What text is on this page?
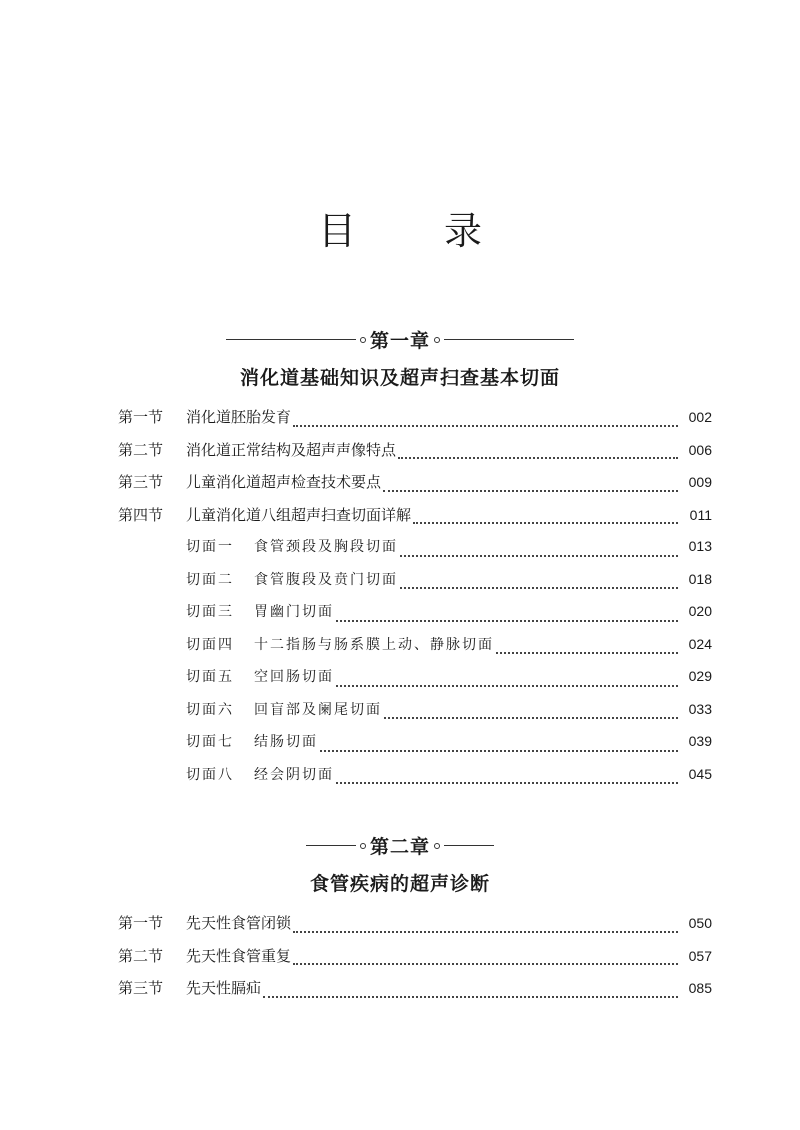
目 录
第一章
消化道基础知识及超声扫查基本切面
第一节	消化道胚胎发育	002
第二节	消化道正常结构及超声声像特点	006
第三节	儿童消化道超声检查技术要点	009
第四节	儿童消化道八组超声扫查切面详解	011
切面一	食管颈段及胸段切面	013
切面二	食管腹段及贲门切面	018
切面三	胃幽门切面	020
切面四	十二指肠与肠系膜上动、静脉切面	024
切面五	空回肠切面	029
切面六	回盲部及阑尾切面	033
切面七	结肠切面	039
切面八	经会阴切面	045
第二章
食管疾病的超声诊断
第一节	先天性食管闭锁	050
第二节	先天性食管重复	057
第三节	先天性膈疝	085
